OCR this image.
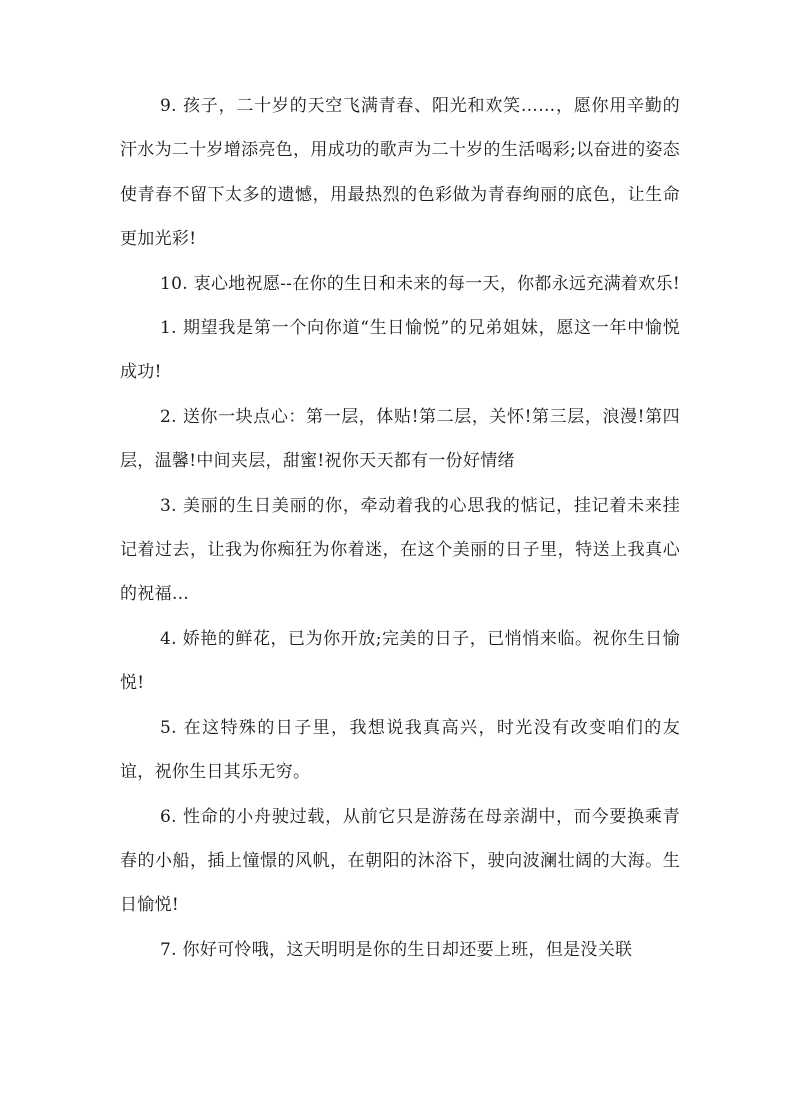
9. 孩子，二十岁的天空飞满青春、阳光和欢笑……，愿你用辛勤的汗水为二十岁增添亮色，用成功的歌声为二十岁的生活喝彩;以奋进的姿态使青春不留下太多的遗憾，用最热烈的色彩做为青春绚丽的底色，让生命更加光彩!

10. 衷心地祝愿--在你的生日和未来的每一天，你都永远充满着欢乐!

1. 期望我是第一个向你道“生日愉悦”的兄弟姐妹，愿这一年中愉悦成功!

2. 送你一块点心：第一层，体贴!第二层，关怀!第三层，浪漫!第四层，温馨!中间夹层，甜蜜!祝你天天都有一份好情绪

3. 美丽的生日美丽的你，牵动着我的心思我的惦记，挂记着未来挂记着过去，让我为你痴狂为你着迷，在这个美丽的日子里，特送上我真心的祝福…

4. 娇艳的鲜花，已为你开放;完美的日子，已悄悄来临。祝你生日愉悦!

5. 在这特殊的日子里，我想说我真高兴，时光没有改变咱们的友谊，祝你生日其乐无穷。

6. 性命的小舟驶过载，从前它只是游荡在母亲湖中，而今要换乘青春的小船，插上憧憬的风帆，在朝阳的沐浴下，驶向波澜壮阔的大海。生日愉悦!

7. 你好可怜哦，这天明明是你的生日却还要上班，但是没关联
